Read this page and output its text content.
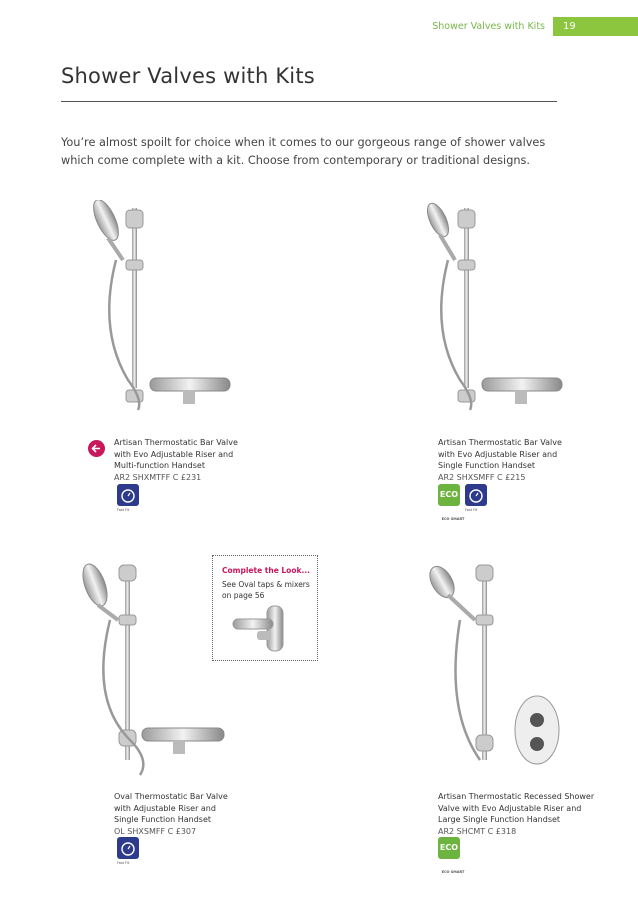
Shower Valves with Kits	19
Shower Valves with Kits

You’re almost spoilt for choice when it comes to our gorgeous range of shower valves which come complete with a kit. Choose from contemporary or traditional designs.

Artisan Thermostatic Bar Valve
with Evo Adjustable Riser and
Multi-function Handset
AR2 SHXMTFF C £231
Fast Fit
Artisan Thermostatic Bar Valve
with Evo Adjustable Riser and
Single Function Handset
AR2 SHXSMFF C £215
ECO
ECO SMART
Fast Fit
Oval Thermostatic Bar Valve
with Adjustable Riser and
Single Function Handset
OL SHXSMFF C £307
Fast Fit
Artisan Thermostatic Recessed Shower
Valve with Evo Adjustable Riser and
Large Single Function Handset
AR2 SHCMT C £318
ECO
ECO SMART
Complete the Look...
See Oval taps & mixers on page 56
